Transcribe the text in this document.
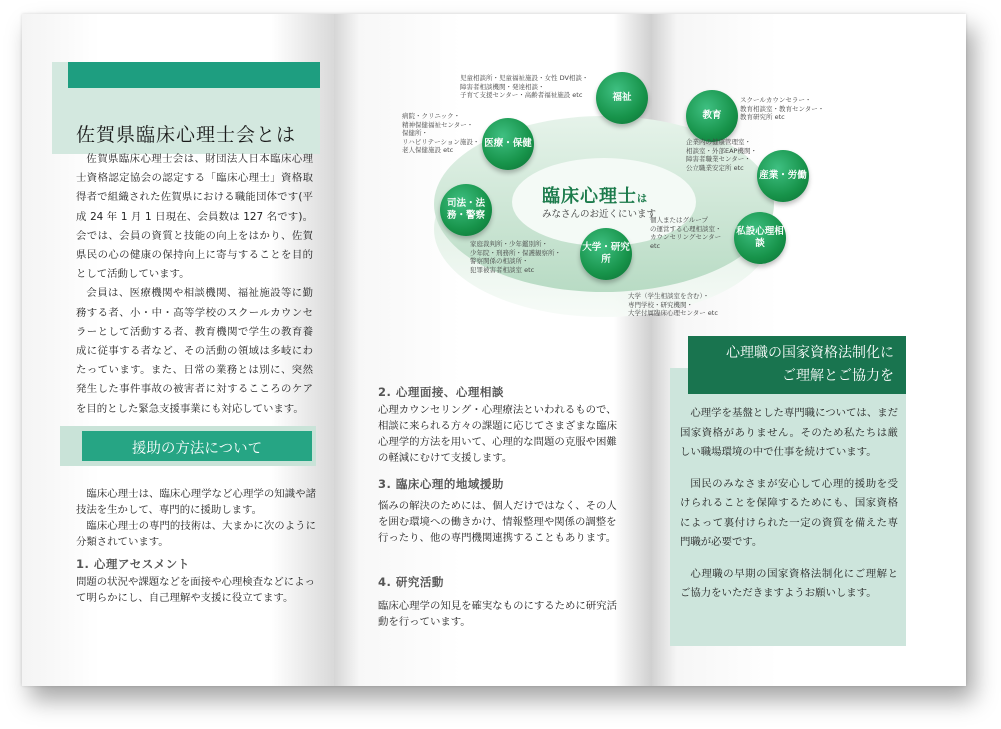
佐賀県臨床心理士会とは

佐賀県臨床心理士会は、財団法人日本臨床心理士資格認定協会の認定する「臨床心理士」資格取得者で組織された佐賀県における職能団体です(平成 24 年 1 月 1 日現在、会員数は 127 名です)。会では、会員の資質と技能の向上をはかり、佐賀県民の心の健康の保持向上に寄与することを目的として活動しています。

会員は、医療機関や相談機関、福祉施設等に勤務する者、小・中・高等学校のスクールカウンセラーとして活動する者、教育機関で学生の教育養成に従事する者など、その活動の領域は多岐にわたっています。また、日常の業務とは別に、突然発生した事件事故の被害者に対するこころのケアを目的とした緊急支援事業にも対応しています。

援助の方法について

臨床心理士は、臨床心理学など心理学の知識や諸技法を生かして、専門的に援助します。

臨床心理士の専門的技術は、大まかに次のように分類されています。

1. 心理アセスメント
問題の状況や課題などを面接や心理検査などによって明らかにし、自己理解や支援に役立てます。
2. 心理面接、心理相談
心理カウンセリング・心理療法といわれるもので、相談に来られる方々の課題に応じてさまざまな臨床心理学的方法を用いて、心理的な問題の克服や困難の軽減にむけて支援します。
3. 臨床心理的地域援助
悩みの解決のためには、個人だけではなく、その人を囲む環境への働きかけ、情報整理や関係の調整を行ったり、他の専門機関連携することもあります。
4. 研究活動
臨床心理学の知見を確実なものにするために研究活動を行っています。
心理職の国家資格法制化に
ご理解とご協力を

心理学を基盤とした専門職については、まだ国家資格がありません。そのため私たちは厳しい職場環境の中で仕事を続けています。

国民のみなさまが安心して心理的援助を受けられることを保障するためにも、国家資格によって裏付けられた一定の資質を備えた専門職が必要です。

心理職の早期の国家資格法制化にご理解とご協力をいただきますようお願いします。

臨床心理士は
みなさんのお近くにいます
福祉
教育
医療・保健
産業・労働
司法・法務・警察
私設心理相談
大学・研究所
児童相談所・児童福祉施設・女性 DV相談・
障害者相談機関・発達相談・
子育て支援センター・高齢者福祉施設 etc
スクールカウンセラー・
教育相談室・教育センター・
教育研究所 etc
病院・クリニック・
精神保健福祉センター・
保健所・
リハビリテーション施設・
老人保健施設 etc
企業内の健康管理室・
相談室・外部EAP機関・
障害者職業センター・
公立職業安定所 etc
家庭裁判所・少年鑑別所・
少年院・刑務所・保護観察所・
警察関係の相談所・
犯罪被害者相談室 etc
個人またはグループ
の運営する心理相談室・
カウンセリングセンター
etc
大学（学生相談室を含む）・
専門学校・研究機関・
大学付属臨床心理センター etc
